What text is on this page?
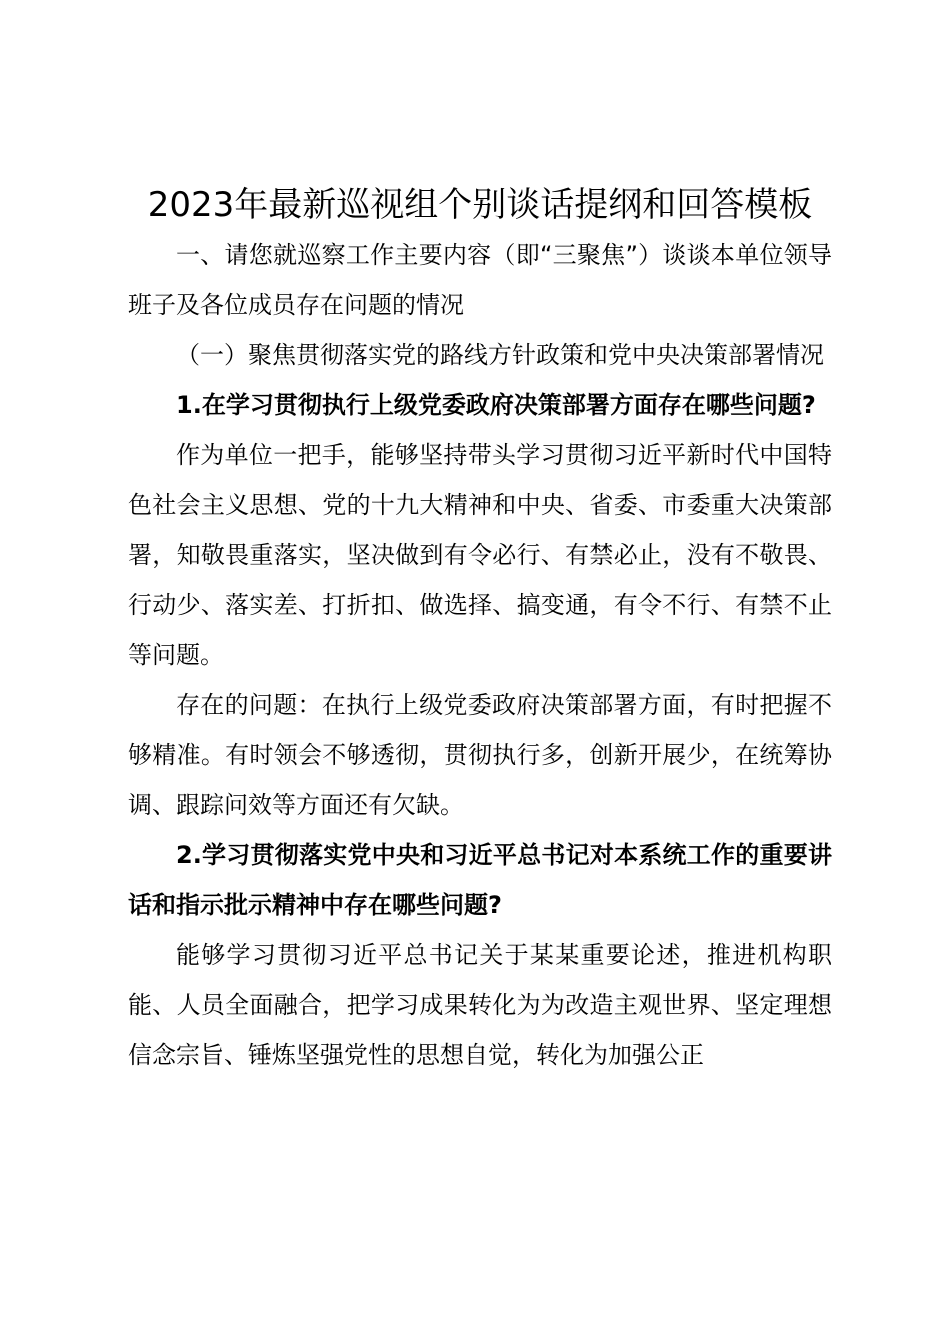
2023年最新巡视组个别谈话提纲和回答模板

一、请您就巡察工作主要内容（即“三聚焦”）谈谈本单位领导班子及各位成员存在问题的情况

（一）聚焦贯彻落实党的路线方针政策和党中央决策部署情况

1.在学习贯彻执行上级党委政府决策部署方面存在哪些问题?

作为单位一把手，能够坚持带头学习贯彻习近平新时代中国特色社会主义思想、党的十九大精神和中央、省委、市委重大决策部署，知敬畏重落实，坚决做到有令必行、有禁必止，没有不敬畏、行动少、落实差、打折扣、做选择、搞变通，有令不行、有禁不止等问题。

存在的问题：在执行上级党委政府决策部署方面，有时把握不够精准。有时领会不够透彻，贯彻执行多，创新开展少，在统筹协调、跟踪问效等方面还有欠缺。

2.学习贯彻落实党中央和习近平总书记对本系统工作的重要讲话和指示批示精神中存在哪些问题?

能够学习贯彻习近平总书记关于某某重要论述，推进机构职能、人员全面融合，把学习成果转化为为改造主观世界、坚定理想信念宗旨、锤炼坚强党性的思想自觉，转化为加强公正
